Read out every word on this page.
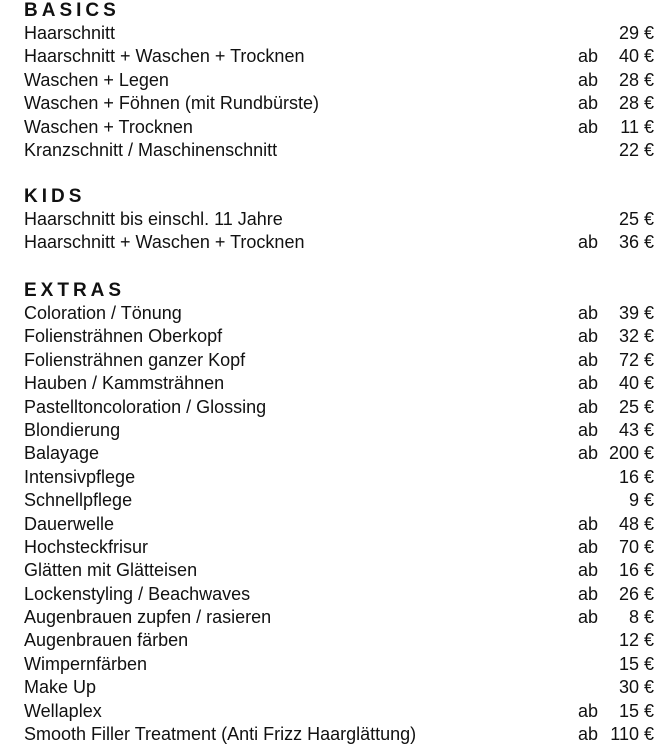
BASICS
Haarschnitt	29 €
Haarschnitt + Waschen + Trocknen	ab 40 €
Waschen + Legen	ab 28 €
Waschen + Föhnen (mit Rundbürste)	ab 28 €
Waschen + Trocknen	ab 11 €
Kranzschnitt / Maschinenschnitt	22 €
KIDS
Haarschnitt bis einschl. 11 Jahre	25 €
Haarschnitt + Waschen + Trocknen	ab 36 €
EXTRAS
Coloration / Tönung	ab 39 €
Foliensträhnen Oberkopf	ab 32 €
Foliensträhnen ganzer Kopf	ab 72 €
Hauben / Kammsträhnen	ab 40 €
Pastelltoncoloration / Glossing	ab 25 €
Blondierung	ab 43 €
Balayage	ab 200 €
Intensivpflege	16 €
Schnellpflege	9 €
Dauerwelle	ab 48 €
Hochsteckfrisur	ab 70 €
Glätten mit Glätteisen	ab 16 €
Lockenstyling / Beachwaves	ab 26 €
Augenbrauen zupfen / rasieren	ab 8 €
Augenbrauen färben	12 €
Wimpernfärben	15 €
Make Up	30 €
Wellaplex	ab 15 €
Smooth Filler Treatment (Anti Frizz Haarglättung)	ab 110 €
